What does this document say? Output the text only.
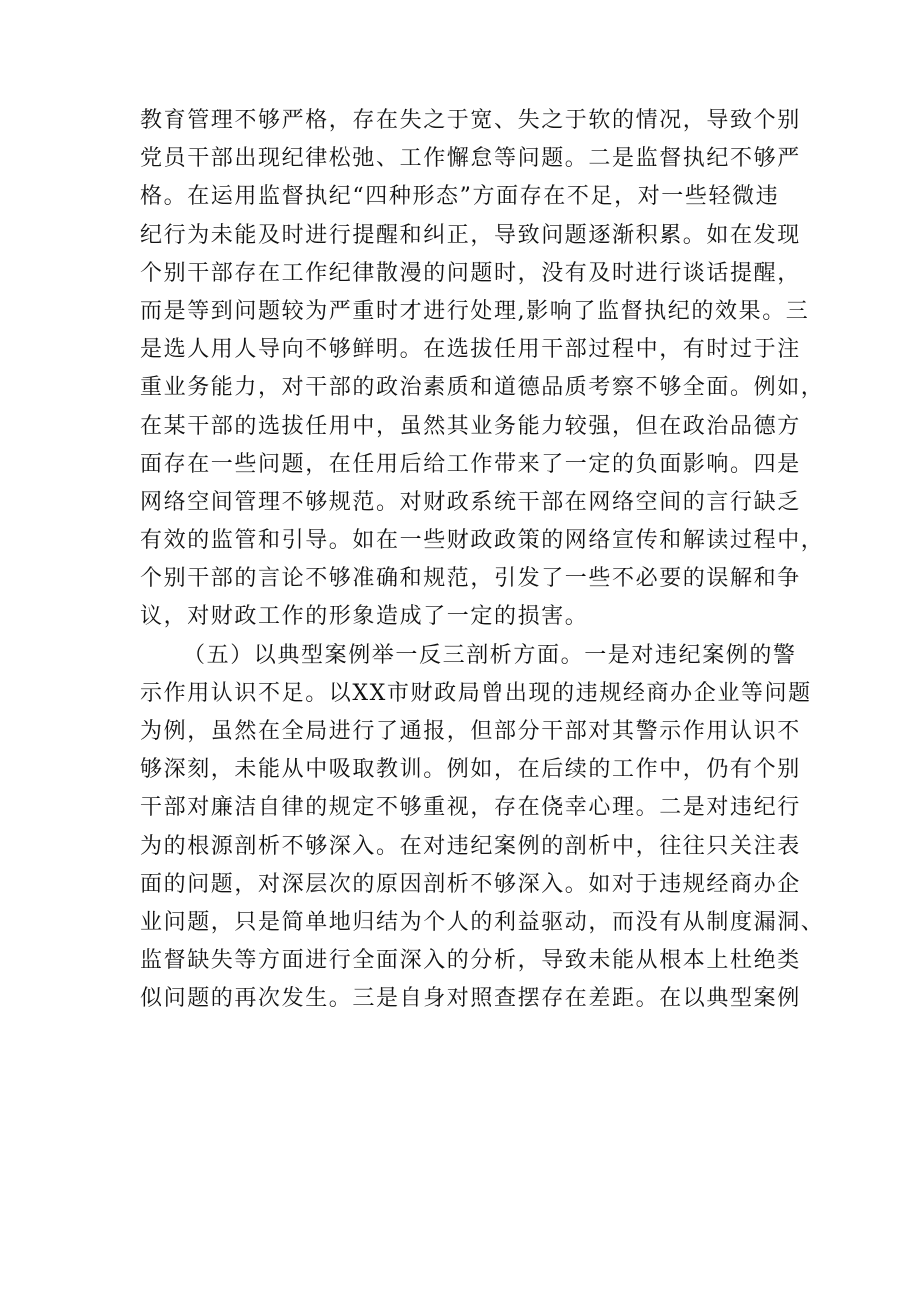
教育管理不够严格，存在失之于宽、失之于软的情况，导致个别
党员干部出现纪律松弛、工作懈怠等问题。二是监督执纪不够严
格。在运用监督执纪“四种形态”方面存在不足，对一些轻微违
纪行为未能及时进行提醒和纠正，导致问题逐渐积累。如在发现
个别干部存在工作纪律散漫的问题时，没有及时进行谈话提醒，
而是等到问题较为严重时才进行处理,影响了监督执纪的效果。三
是选人用人导向不够鲜明。在选拔任用干部过程中，有时过于注
重业务能力，对干部的政治素质和道德品质考察不够全面。例如，
在某干部的选拔任用中，虽然其业务能力较强，但在政治品德方
面存在一些问题，在任用后给工作带来了一定的负面影响。四是
网络空间管理不够规范。对财政系统干部在网络空间的言行缺乏
有效的监管和引导。如在一些财政政策的网络宣传和解读过程中，
个别干部的言论不够准确和规范，引发了一些不必要的误解和争
议，对财政工作的形象造成了一定的损害。
（五）以典型案例举一反三剖析方面。一是对违纪案例的警
示作用认识不足。以XX市财政局曾出现的违规经商办企业等问题
为例，虽然在全局进行了通报，但部分干部对其警示作用认识不
够深刻，未能从中吸取教训。例如，在后续的工作中，仍有个别
干部对廉洁自律的规定不够重视，存在侥幸心理。二是对违纪行
为的根源剖析不够深入。在对违纪案例的剖析中，往往只关注表
面的问题，对深层次的原因剖析不够深入。如对于违规经商办企
业问题，只是简单地归结为个人的利益驱动，而没有从制度漏洞、
监督缺失等方面进行全面深入的分析，导致未能从根本上杜绝类
似问题的再次发生。三是自身对照查摆存在差距。在以典型案例
